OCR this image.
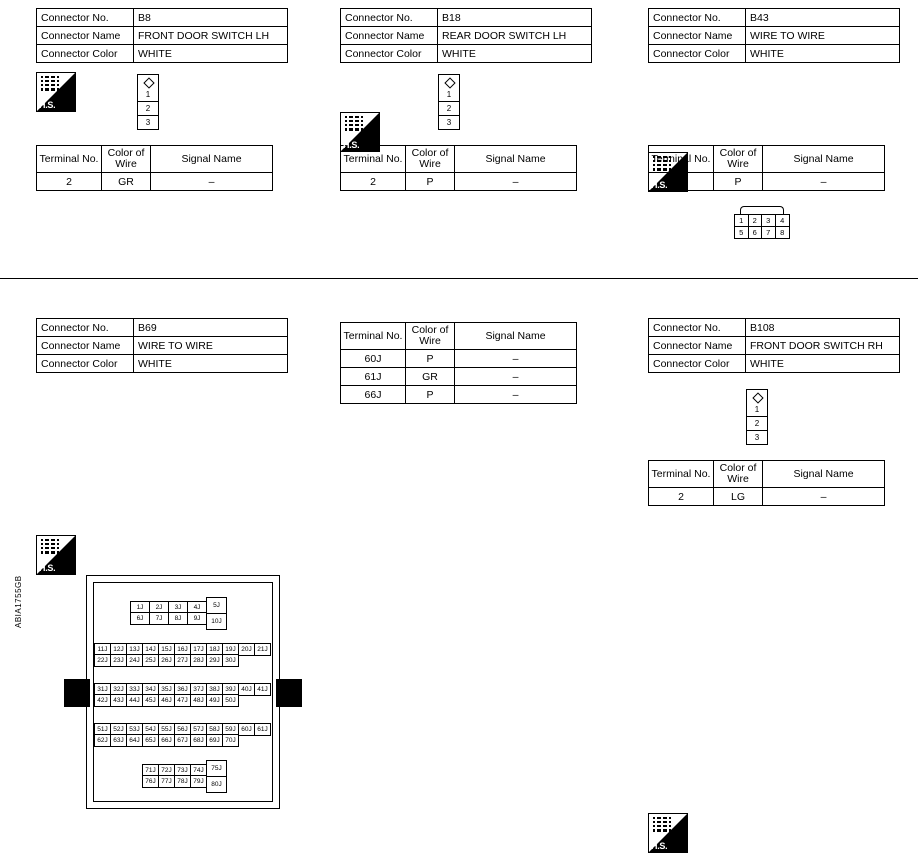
Connector No.	B8
Connector Name	FRONT DOOR SWITCH LH
Connector Color	WHITE
H.S.
1
2
3
Terminal No.	Color of Wire	Signal Name
2	GR	–
Connector No.	B18
Connector Name	REAR DOOR SWITCH LH
Connector Color	WHITE
H.S.
1
2
3
Terminal No.	Color of Wire	Signal Name
2	P	–
Connector No.	B43
Connector Name	WIRE TO WIRE
Connector Color	WHITE
H.S.
1	2	3	4
5	6	7	8
Terminal No.	Color of Wire	Signal Name
4	P	–
Connector No.	B69
Connector Name	WIRE TO WIRE
Connector Color	WHITE
H.S.
1J	2J	3J	4J
6J	7J	8J	9J
5J
10J
11J 12J 13J 14J 15J 16J 17J 18J 19J 20J 21J
22J 23J 24J 25J 26J 27J 28J 29J 30J
31J 32J 33J 34J 35J 36J 37J 38J 39J 40J 41J
42J 43J 44J 45J 46J 47J 48J 49J 50J
51J 52J 53J 54J 55J 56J 57J 58J 59J 60J 61J
62J 63J 64J 65J 66J 67J 68J 69J 70J
71J 72J 73J 74J
76J 77J 78J 79J
75J
80J
Terminal No.	Color of Wire	Signal Name
60J	P	–
61J	GR	–
66J	P	–
Connector No.	B108
Connector Name	FRONT DOOR SWITCH RH
Connector Color	WHITE
H.S.
1
2
3
Terminal No.	Color of Wire	Signal Name
2	LG	–
ABIA1755GB
